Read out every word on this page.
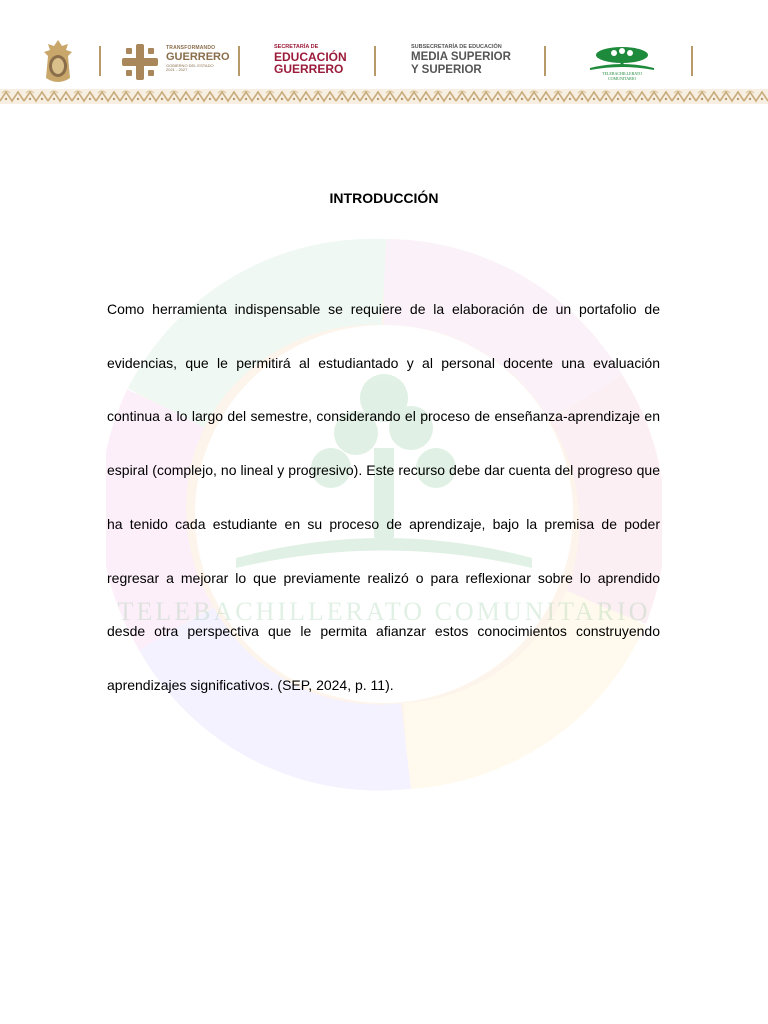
TRANSFORMANDO
GUERRERO
GOBIERNO DEL ESTADO
2021 - 2027
SECRETARÍA DE
EDUCACIÓN
GUERRERO
SUBSECRETARÍA DE EDUCACIÓN
MEDIA SUPERIOR
Y SUPERIOR	TELEBACHILLERATO
COMUNITARIO
TELEBACHILLERATO COMUNITARIO
INTRODUCCIÓN
Como herramienta indispensable se requiere de la elaboración de un portafolio de evidencias, que le permitirá al estudiantado y al personal docente una evaluación continua a lo largo del semestre, considerando el proceso de enseñanza-aprendizaje en espiral (complejo, no lineal y progresivo). Este recurso debe dar cuenta del progreso que ha tenido cada estudiante en su proceso de aprendizaje, bajo la premisa de poder regresar a mejorar lo que previamente realizó o para reflexionar sobre lo aprendido desde otra perspectiva que le permita afianzar estos conocimientos construyendo aprendizajes significativos. (SEP, 2024, p. 11).
